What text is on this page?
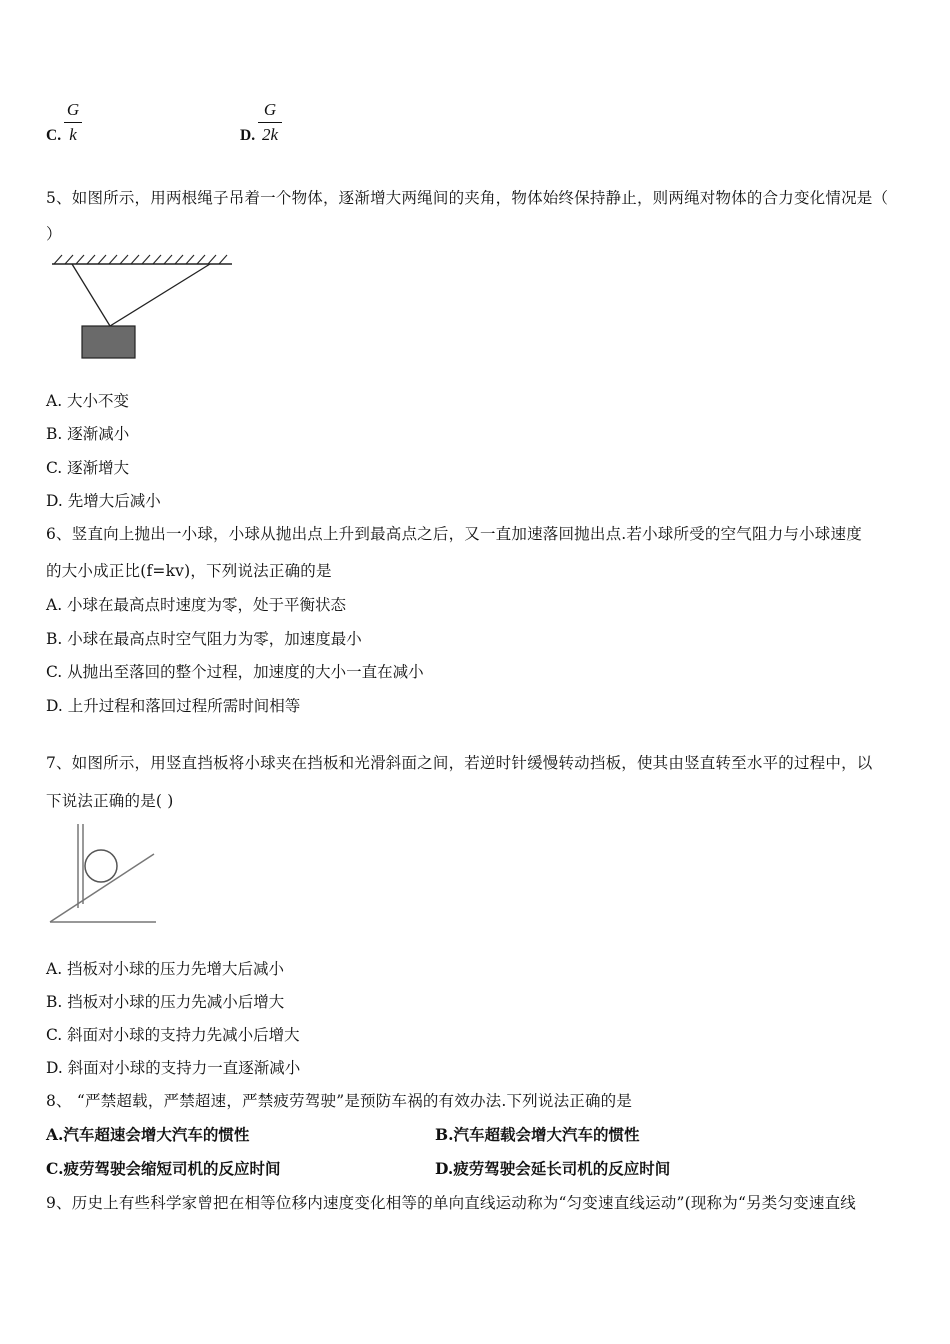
C.
G
k	D.
G
2k
5、如图所示，用两根绳子吊着一个物体，逐渐增大两绳间的夹角，物体始终保持静止，则两绳对物体的合力变化情况是（
）
A. 大小不变
B. 逐渐减小
C. 逐渐增大
D. 先增大后减小
6、竖直向上抛出一小球，小球从抛出点上升到最高点之后，又一直加速落回抛出点.若小球所受的空气阻力与小球速度
的大小成正比(f=kv)，下列说法正确的是
A. 小球在最高点时速度为零，处于平衡状态
B. 小球在最高点时空气阻力为零，加速度最小
C. 从抛出至落回的整个过程，加速度的大小一直在减小
D. 上升过程和落回过程所需时间相等
7、如图所示，用竖直挡板将小球夹在挡板和光滑斜面之间，若逆时针缓慢转动挡板，使其由竖直转至水平的过程中，以
下说法正确的是( )
A. 挡板对小球的压力先增大后减小
B. 挡板对小球的压力先减小后增大
C. 斜面对小球的支持力先减小后增大
D. 斜面对小球的支持力一直逐渐减小
8、 “严禁超载，严禁超速，严禁疲劳驾驶”是预防车祸的有效办法.下列说法正确的是
A.汽车超速会增大汽车的惯性	B.汽车超载会增大汽车的惯性
C.疲劳驾驶会缩短司机的反应时间	D.疲劳驾驶会延长司机的反应时间
9、历史上有些科学家曾把在相等位移内速度变化相等的单向直线运动称为“匀变速直线运动”(现称为“另类匀变速直线
